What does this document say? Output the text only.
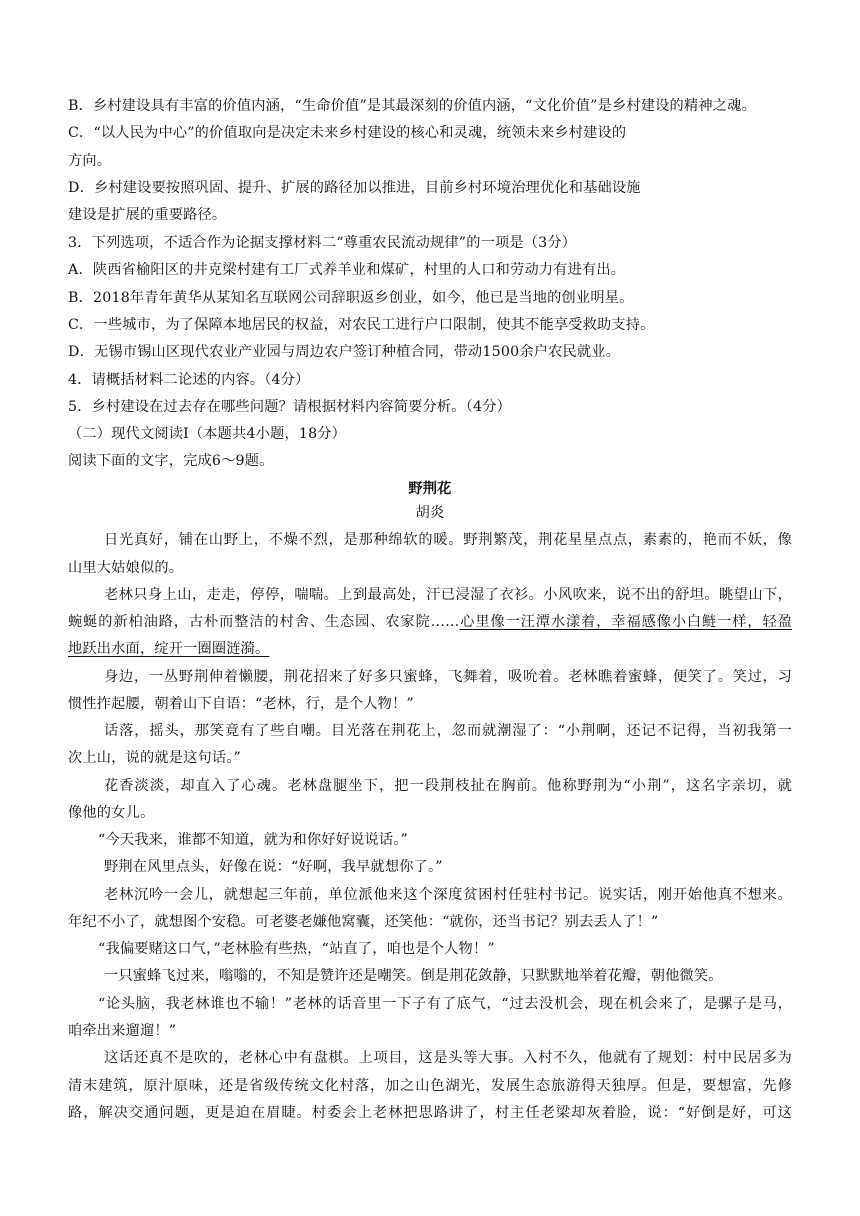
B．乡村建设具有丰富的价值内涵，“生命价值”是其最深刻的价值内涵，“文化价值”是乡村建设的精神之魂。
C．“以人民为中心”的价值取向是决定未来乡村建设的核心和灵魂，统领未来乡村建设的
方向。
D．乡村建设要按照巩固、提升、扩展的路径加以推进，目前乡村环境治理优化和基础设施
建设是扩展的重要路径。
3．下列选项，不适合作为论据支撑材料二“尊重农民流动规律”的一项是（3分）
A．陕西省榆阳区的井克梁村建有工厂式养羊业和煤矿，村里的人口和劳动力有进有出。
B．2018年青年黄华从某知名互联网公司辞职返乡创业，如今，他已是当地的创业明星。
C．一些城市，为了保障本地居民的权益，对农民工进行户口限制，使其不能享受救助支持。
D．无锡市锡山区现代农业产业园与周边农户签订种植合同，带动1500余户农民就业。
4．请概括材料二论述的内容。（4分）
5．乡村建设在过去存在哪些问题？请根据材料内容简要分析。（4分）
（二）现代文阅读Ⅰ（本题共4小题，18分）
阅读下面的文字，完成6～9题。
野荆花
胡炎
日光真好，铺在山野上，不燥不烈，是那种绵软的暖。野荆繁茂，荆花星星点点，素素的，艳而不妖，像
山里大姑娘似的。
老林只身上山，走走，停停，喘喘。上到最高处，汗已浸湿了衣衫。小风吹来，说不出的舒坦。眺望山下，
蜿蜒的新柏油路，古朴而整洁的村舍、生态园、农家院……心里像一汪潭水漾着，幸福感像小白鲢一样，轻盈
地跃出水面，绽开一圈圈涟漪。
身边，一丛野荆伸着懒腰，荆花招来了好多只蜜蜂，飞舞着，吸吮着。老林瞧着蜜蜂，便笑了。笑过，习
惯性拃起腰，朝着山下自语：“老林，行，是个人物！”
话落，摇头，那笑竟有了些自嘲。目光落在荆花上，忽而就潮湿了：“小荆啊，还记不记得，当初我第一
次上山，说的就是这句话。”
花香淡淡，却直入了心魂。老林盘腿坐下，把一段荆枝扯在胸前。他称野荆为“小荆”，这名字亲切，就
像他的女儿。
“今天我来，谁都不知道，就为和你好好说说话。”
野荆在风里点头，好像在说：“好啊，我早就想你了。”
老林沉吟一会儿，就想起三年前，单位派他来这个深度贫困村任驻村书记。说实话，刚开始他真不想来。
年纪不小了，就想图个安稳。可老婆老嫌他窝囊，还笑他：“就你，还当书记？别去丢人了！”
“我偏要赌这口气，”老林脸有些热，“站直了，咱也是个人物！”
一只蜜蜂飞过来，嗡嗡的，不知是赞许还是嘲笑。倒是荆花敛静，只默默地举着花瓣，朝他微笑。
“论头脑，我老林谁也不输！”老林的话音里一下子有了底气，“过去没机会，现在机会来了，是骡子是马，
咱牵出来遛遛！”
这话还真不是吹的，老林心中有盘棋。上项目，这是头等大事。入村不久，他就有了规划：村中民居多为
清末建筑，原汁原味，还是省级传统文化村落，加之山色湖光，发展生态旅游得天独厚。但是，要想富，先修
路，解决交通问题，更是迫在眉睫。村委会上老林把思路讲了，村主任老梁却灰着脸，说：“好倒是好，可这
